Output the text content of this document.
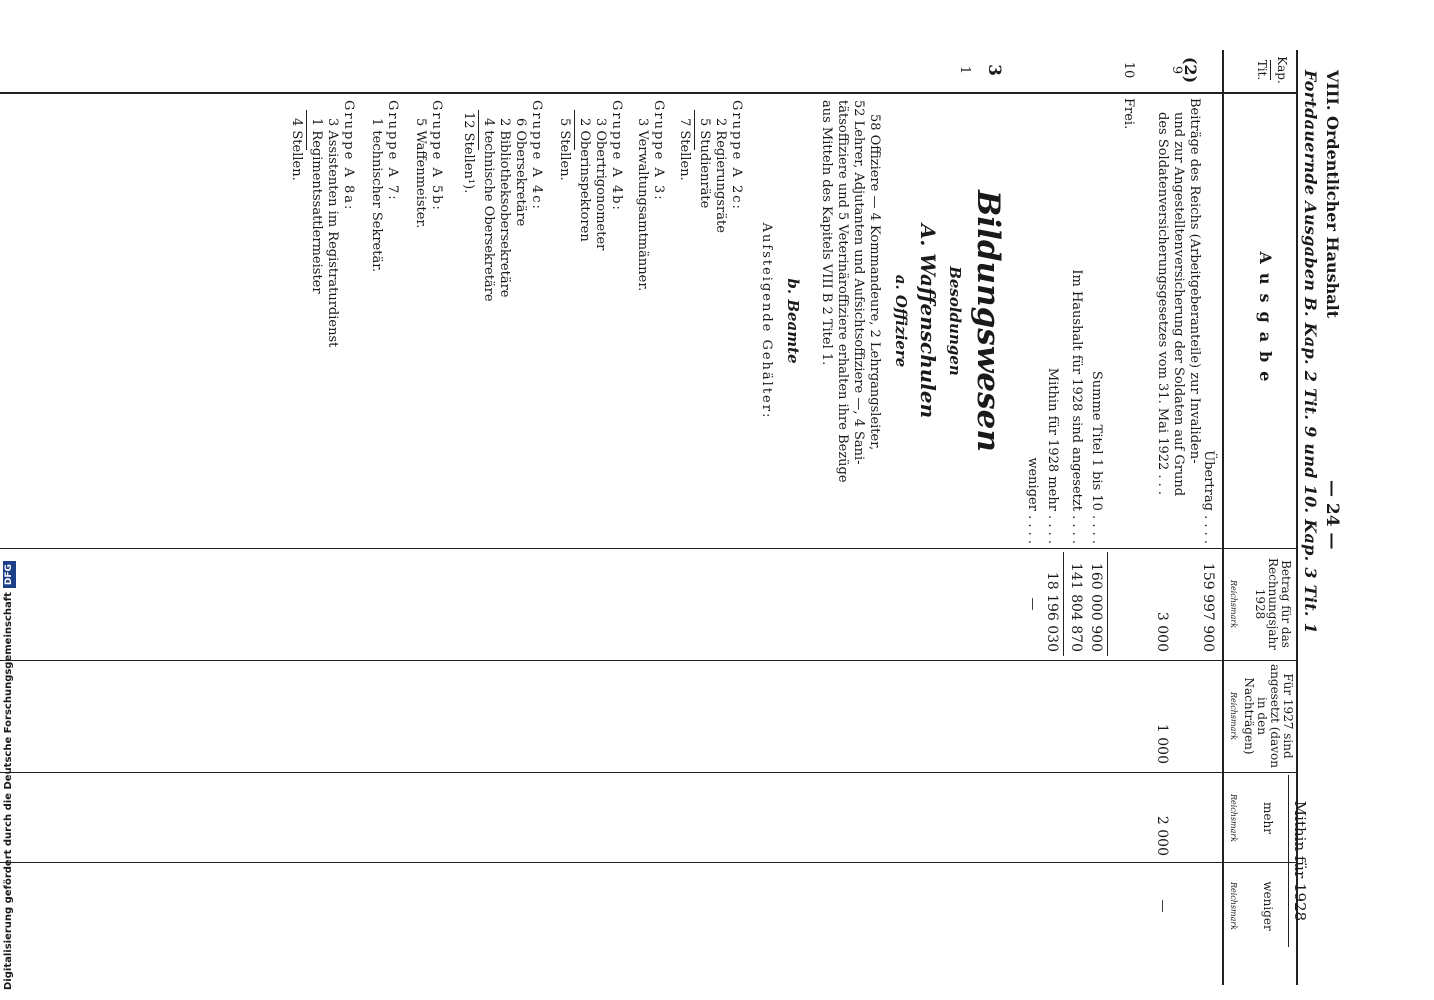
VIII. Ordentlicher Haushalt
Fortdauernde Ausgaben B. Kap. 2 Tit. 9 und 10. Kap. 3 Tit. 1 — 24 —
Kap.
Tit.
Ausgabe
Betrag für das Rechnungsjahr 1928
Reichsmark
Für 1927 sind angesetzt (davon in den Nachträgen)
Reichsmark
Mithin für 1928
mehr
Reichsmark
weniger
Reichsmark
Übertrag . . . .
159 997 900
(2)
9
Beiträge des Reichs (Arbeitgeberanteile) zur Invaliden-
und zur Angestelltenversicherung der Soldaten auf Grund
des Soldatenversicherungsgesetzes vom 31. Mai 1922 . . .
3 000
1 000
2 000
—
10
Frei.
Summe Titel 1 bis 10 . . . .
160 000 900
Im Haushalt für 1928 sind angesetzt . . . .
141 804 870
Mithin für 1928 mehr . . . .
18 196 030
weniger . . . .
—
3
1
Bildungswesen
Besoldungen
A. Waffenschulen
a. Offiziere
58 Offiziere — 4 Kommandeure, 2 Lehrgangsleiter,
52 Lehrer, Adjutanten und Aufsichtsoffiziere —, 4 Sani-
tätsoffiziere und 5 Veterinäroffiziere erhalten ihre Bezüge
aus Mitteln des Kapitels VIII B 2 Titel 1.
b. Beamte
Aufsteigende Gehälter:
Gruppe A 2c:
2 Regierungsräte
5 Studienräte
7 Stellen.
Gruppe A 3:
3 Verwaltungsamtmänner.
Gruppe A 4b:
3 Obertrigonometer
2 Oberinspektoren
5 Stellen.
Gruppe A 4c:
6 Obersekretäre
2 Bibliotheksobersekretäre
4 technische Obersekretäre
12 Stellen¹).
Gruppe A 5b:
5 Waffenmeister.
Gruppe A 7:
1 technischer Sekretär.
Gruppe A 8a:
3 Assistenten im Registraturdienst
1 Regimentssattlermeister
4 Stellen.
Digitalisierung gefördert durch die Deutsche Forschungsgemeinschaft
DFG
